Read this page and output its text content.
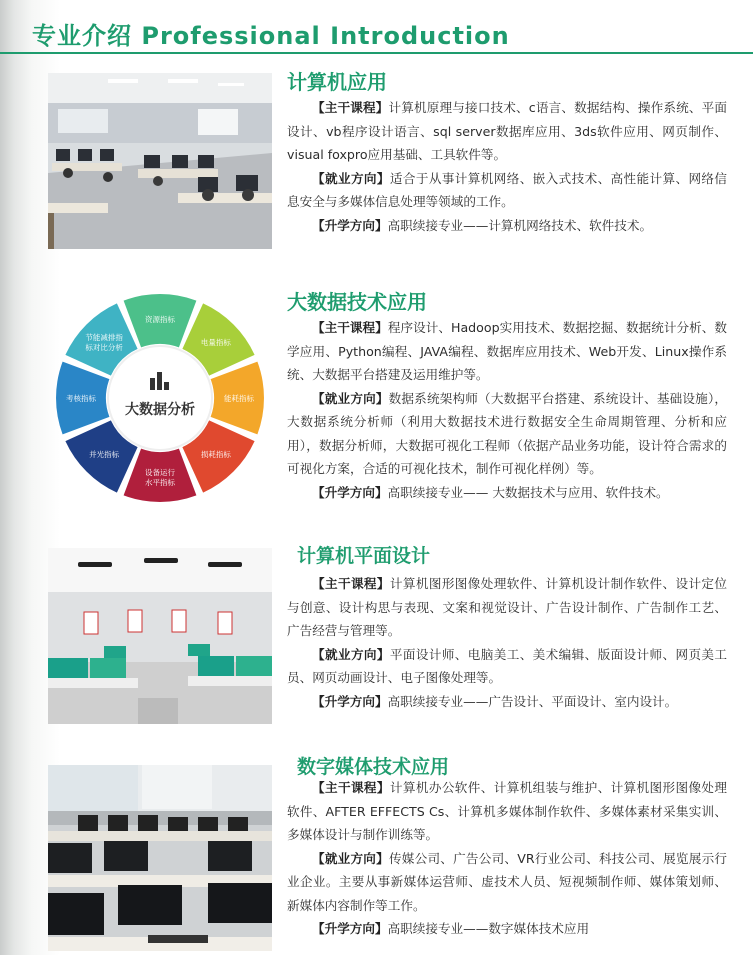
专业介绍 Professional Introduction
计算机应用
【主干课程】计算机原理与接口技术、c语言、数据结构、操作系统、平面设计、vb程序设计语言、sql server数据库应用、3ds软件应用、网页制作、visual foxpro应用基础、工具软件等。
【就业方向】适合于从事计算机网络、嵌入式技术、高性能计算、网络信息安全与多媒体信息处理等领域的工作。
【升学方向】高职续接专业——计算机网络技术、软件技术。
大数据分析
资源指标
电量指标
能耗指标
损耗指标
设备运行水平指标
并光指标
考核指标
节能减排指标对比分析
大数据技术应用
【主干课程】程序设计、Hadoop实用技术、数据挖掘、数据统计分析、数学应用、Python编程、JAVA编程、数据库应用技术、Web开发、Linux操作系统、大数据平台搭建及运用维护等。
【就业方向】数据系统架构师（大数据平台搭建、系统设计、基础设施），大数据系统分析师（利用大数据技术进行数据安全生命周期管理、分析和应用），数据分析师，大数据可视化工程师（依据产品业务功能，设计符合需求的可视化方案，合适的可视化技术，制作可视化样例）等。
【升学方向】高职续接专业—— 大数据技术与应用、软件技术。
计算机平面设计
【主干课程】计算机图形图像处理软件、计算机设计制作软件、设计定位与创意、设计构思与表现、文案和视觉设计、广告设计制作、广告制作工艺、广告经营与管理等。
【就业方向】平面设计师、电脑美工、美术编辑、版面设计师、网页美工员、网页动画设计、电子图像处理等。
【升学方向】高职续接专业——广告设计、平面设计、室内设计。
数字媒体技术应用
【主干课程】计算机办公软件、计算机组装与维护、计算机图形图像处理软件、AFTER EFFECTS Cs、计算机多媒体制作软件、多媒体素材采集实训、多媒体设计与制作训练等。
【就业方向】传媒公司、广告公司、VR行业公司、科技公司、展览展示行业企业。主要从事新媒体运营师、虚技术人员、短视频制作师、媒体策划师、新媒体内容制作等工作。
【升学方向】高职续接专业——数字媒体技术应用
